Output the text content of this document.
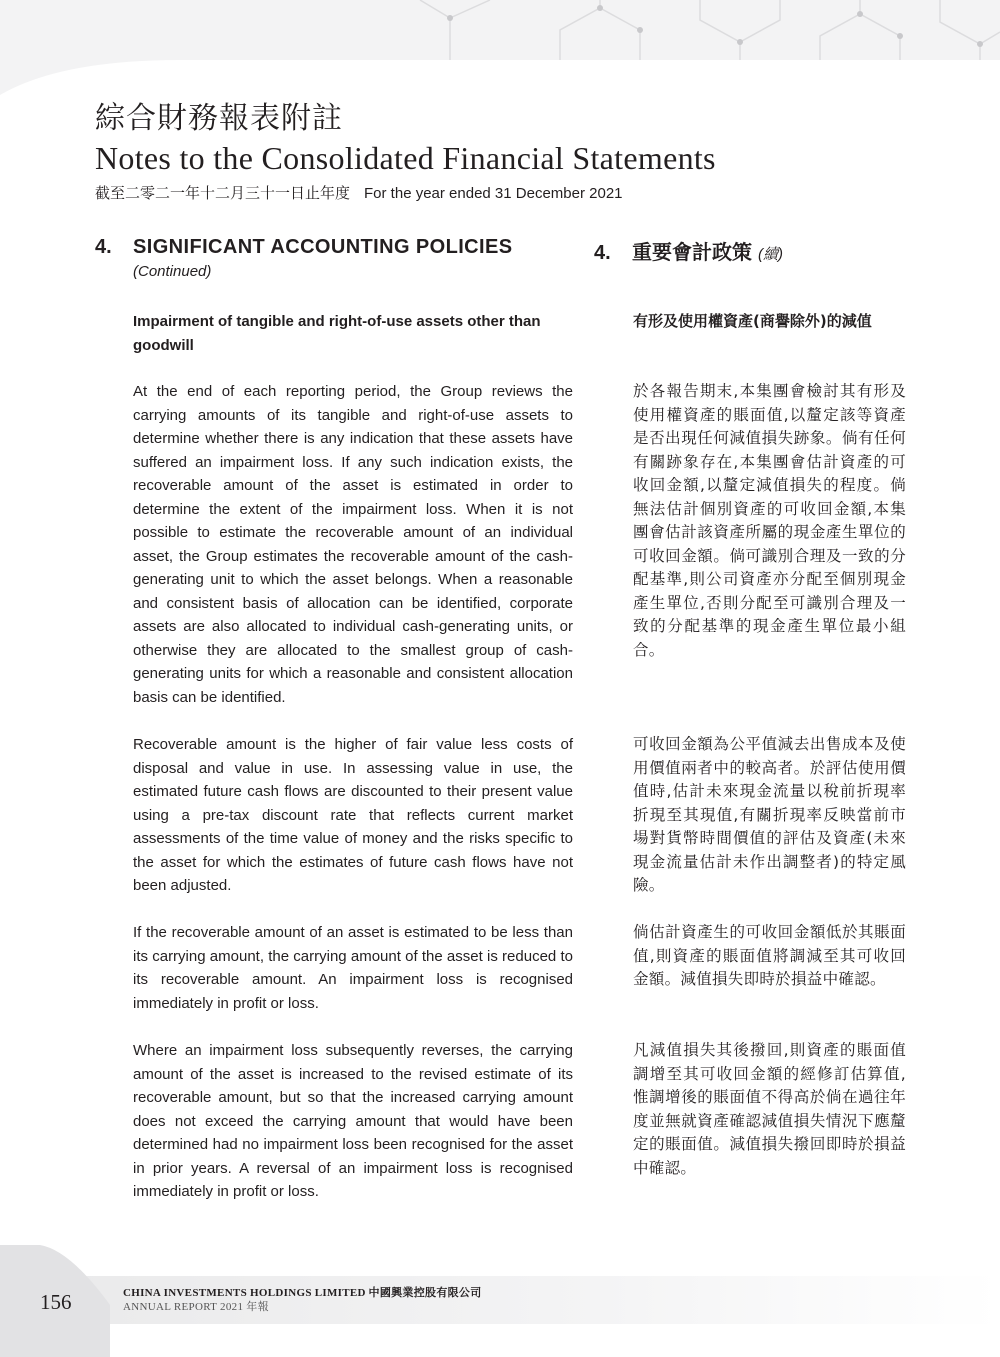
綜合財務報表附註
Notes to the Consolidated Financial Statements
截至二零二一年十二月三十一日止年度 For the year ended 31 December 2021
4.	SIGNIFICANT ACCOUNTING POLICIES
(Continued)

Impairment of tangible and right-of-use assets other than goodwill

At the end of each reporting period, the Group reviews the carrying amounts of its tangible and right-of-use assets to determine whether there is any indication that these assets have suffered an impairment loss. If any such indication exists, the recoverable amount of the asset is estimated in order to determine the extent of the impairment loss. When it is not possible to estimate the recoverable amount of an individual asset, the Group estimates the recoverable amount of the cash-generating unit to which the asset belongs. When a reasonable and consistent basis of allocation can be identified, corporate assets are also allocated to individual cash-generating units, or otherwise they are allocated to the smallest group of cash-generating units for which a reasonable and consistent allocation basis can be identified.

Recoverable amount is the higher of fair value less costs of disposal and value in use. In assessing value in use, the estimated future cash flows are discounted to their present value using a pre-tax discount rate that reflects current market assessments of the time value of money and the risks specific to the asset for which the estimates of future cash flows have not been adjusted.

If the recoverable amount of an asset is estimated to be less than its carrying amount, the carrying amount of the asset is reduced to its recoverable amount. An impairment loss is recognised immediately in profit or loss.

Where an impairment loss subsequently reverses, the carrying amount of the asset is increased to the revised estimate of its recoverable amount, but so that the increased carrying amount does not exceed the carrying amount that would have been determined had no impairment loss been recognised for the asset in prior years. A reversal of an impairment loss is recognised immediately in profit or loss.

4.	重要會計政策 (續)

有形及使用權資產(商譽除外)的減值

於各報告期末,本集團會檢討其有形及使用權資產的賬面值,以釐定該等資產是否出現任何減值損失跡象。倘有任何有關跡象存在,本集團會估計資產的可收回金額,以釐定減值損失的程度。倘無法估計個別資產的可收回金額,本集團會估計該資產所屬的現金產生單位的可收回金額。倘可識別合理及一致的分配基準,則公司資產亦分配至個別現金產生單位,否則分配至可識別合理及一致的分配基準的現金產生單位最小組合。

可收回金額為公平值減去出售成本及使用價值兩者中的較高者。於評估使用價值時,估計未來現金流量以稅前折現率折現至其現值,有關折現率反映當前市場對貨幣時間價值的評估及資產(未來現金流量估計未作出調整者)的特定風險。

倘估計資產生的可收回金額低於其賬面值,則資產的賬面值將調減至其可收回金額。減值損失即時於損益中確認。

凡減值損失其後撥回,則資產的賬面值調增至其可收回金額的經修訂估算值,惟調增後的賬面值不得高於倘在過往年度並無就資產確認減值損失情況下應釐定的賬面值。減值損失撥回即時於損益中確認。

156	CHINA INVESTMENTS HOLDINGS LIMITED 中國興業控股有限公司
ANNUAL REPORT 2021 年報
